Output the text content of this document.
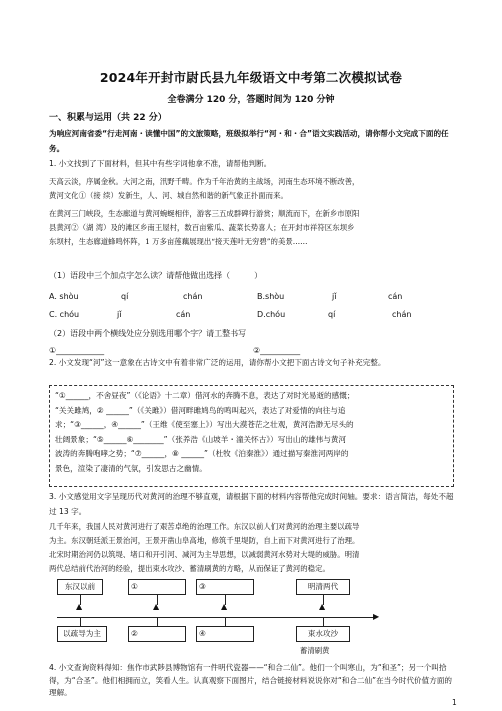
2024年开封市尉氏县九年级语文中考第二次模拟试卷
全卷满分 120 分，答题时间为 120 分钟
一、积累与运用（共 22 分）
为响应河南省委“行走河南・读懂中国”的文旅策略，班级拟举行“河・和・合”语文实践活动，请你帮小文完成下面的任务。
1. 小文找到了下面材料，但其中有些字词他拿不准，请帮他判断。
天高云淡，序属金秋。大河之南，汛野千畴。作为千年治黄的主战场，河南生态环境不断改善，
黄河文化①（接 续）发新生，人、河、城自然和谐的新气象正扑面而来。
在黄河三门峡段，生态廊道与黄河蜿蜒相伴，游客三五成群碑行游赏；顺流而下，在新乡市原阳
县黄河②（湖 湾）及的滩区乡南王屋村，数百亩紫瓜、蔬菜长势喜人；在开封市祥符区东坝乡
东坝村，生态廊道蜂鸣怀阵，1 万多亩莲藕展现出“接天莲叶无穷碧”的美景……
（1）语段中三个加点字怎么读？请帮他做出选择（　　　）
A. shòu	qí	chán	B.shòu	jǐ	cán
C. chóu	jǐ	cán	D.chóu	qí	chán
（2）语段中两个横线处应分别选用哪个字？请工整书写
①____________	②__________
2. 小文发现“河”这一意象在古诗文中有着非常广泛的运用，请你帮小文把下面古诗文句子补充完整。
“①______，不舍昼夜”（《论语》十二章）借河水的奔腾不息，表达了对时光易逝的感慨；
“关关雎鸠，② ______”（《关雎》）借河畔雎鸠鸟的鸣叫起兴，表达了对爱情的向往与追
求；“③______，④______”（王维《使至塞上》）写出大漠苍茫之壮观，黄河浩渺无尽头的
壮阔景象；“⑤______⑥________”（张养浩《山坡羊・潼关怀古》）写出山的雄伟与黄河
波涛的奔腾咆哮之势；“⑦______，⑧ ______”（杜牧《泊秦淮》）通过描写秦淮河两岸的
景色，渲染了凄清的气氛，引发思古之幽情。
3. 小文感觉用文字呈现历代对黄河的治理不够直观，请根据下面的材料内容帮他完成时间轴。要求：语言简洁，每处不超过 13 字。
几千年来，我国人民对黄河进行了艰苦卓绝的治理工作。东汉以前人们对黄河的治理主要以疏导
为主。东汉朝廷派王景治河，王景开凿山阜高地，修筑千里堤防，自上而下对黄河进行了治理。
北宋时期治河仍以筑堤、堵口和开引河、减河为主导思想，以减弱黄河水势对大堤的威胁。明清
两代总结前代治河的经验，提出束水攻沙、蓄清刷黄的方略，从而保证了黄河的稳定。
东汉以前	①	③	明清两代
▲	▲	▲	▲
▶
以疏导为主	②	④	束水攻沙
蓄清刷黄
4. 小文查询资料得知：焦作市武陟县博物馆有一件明代瓷器——“和合二仙”。他们一个叫寒山，为“和圣”；另一个叫拾得，为“合圣”。他们相拥而立，笑看人生。认真观察下面图片，结合链接材料说说你对“和合二仙”在当今时代价值方面的理解。
1
